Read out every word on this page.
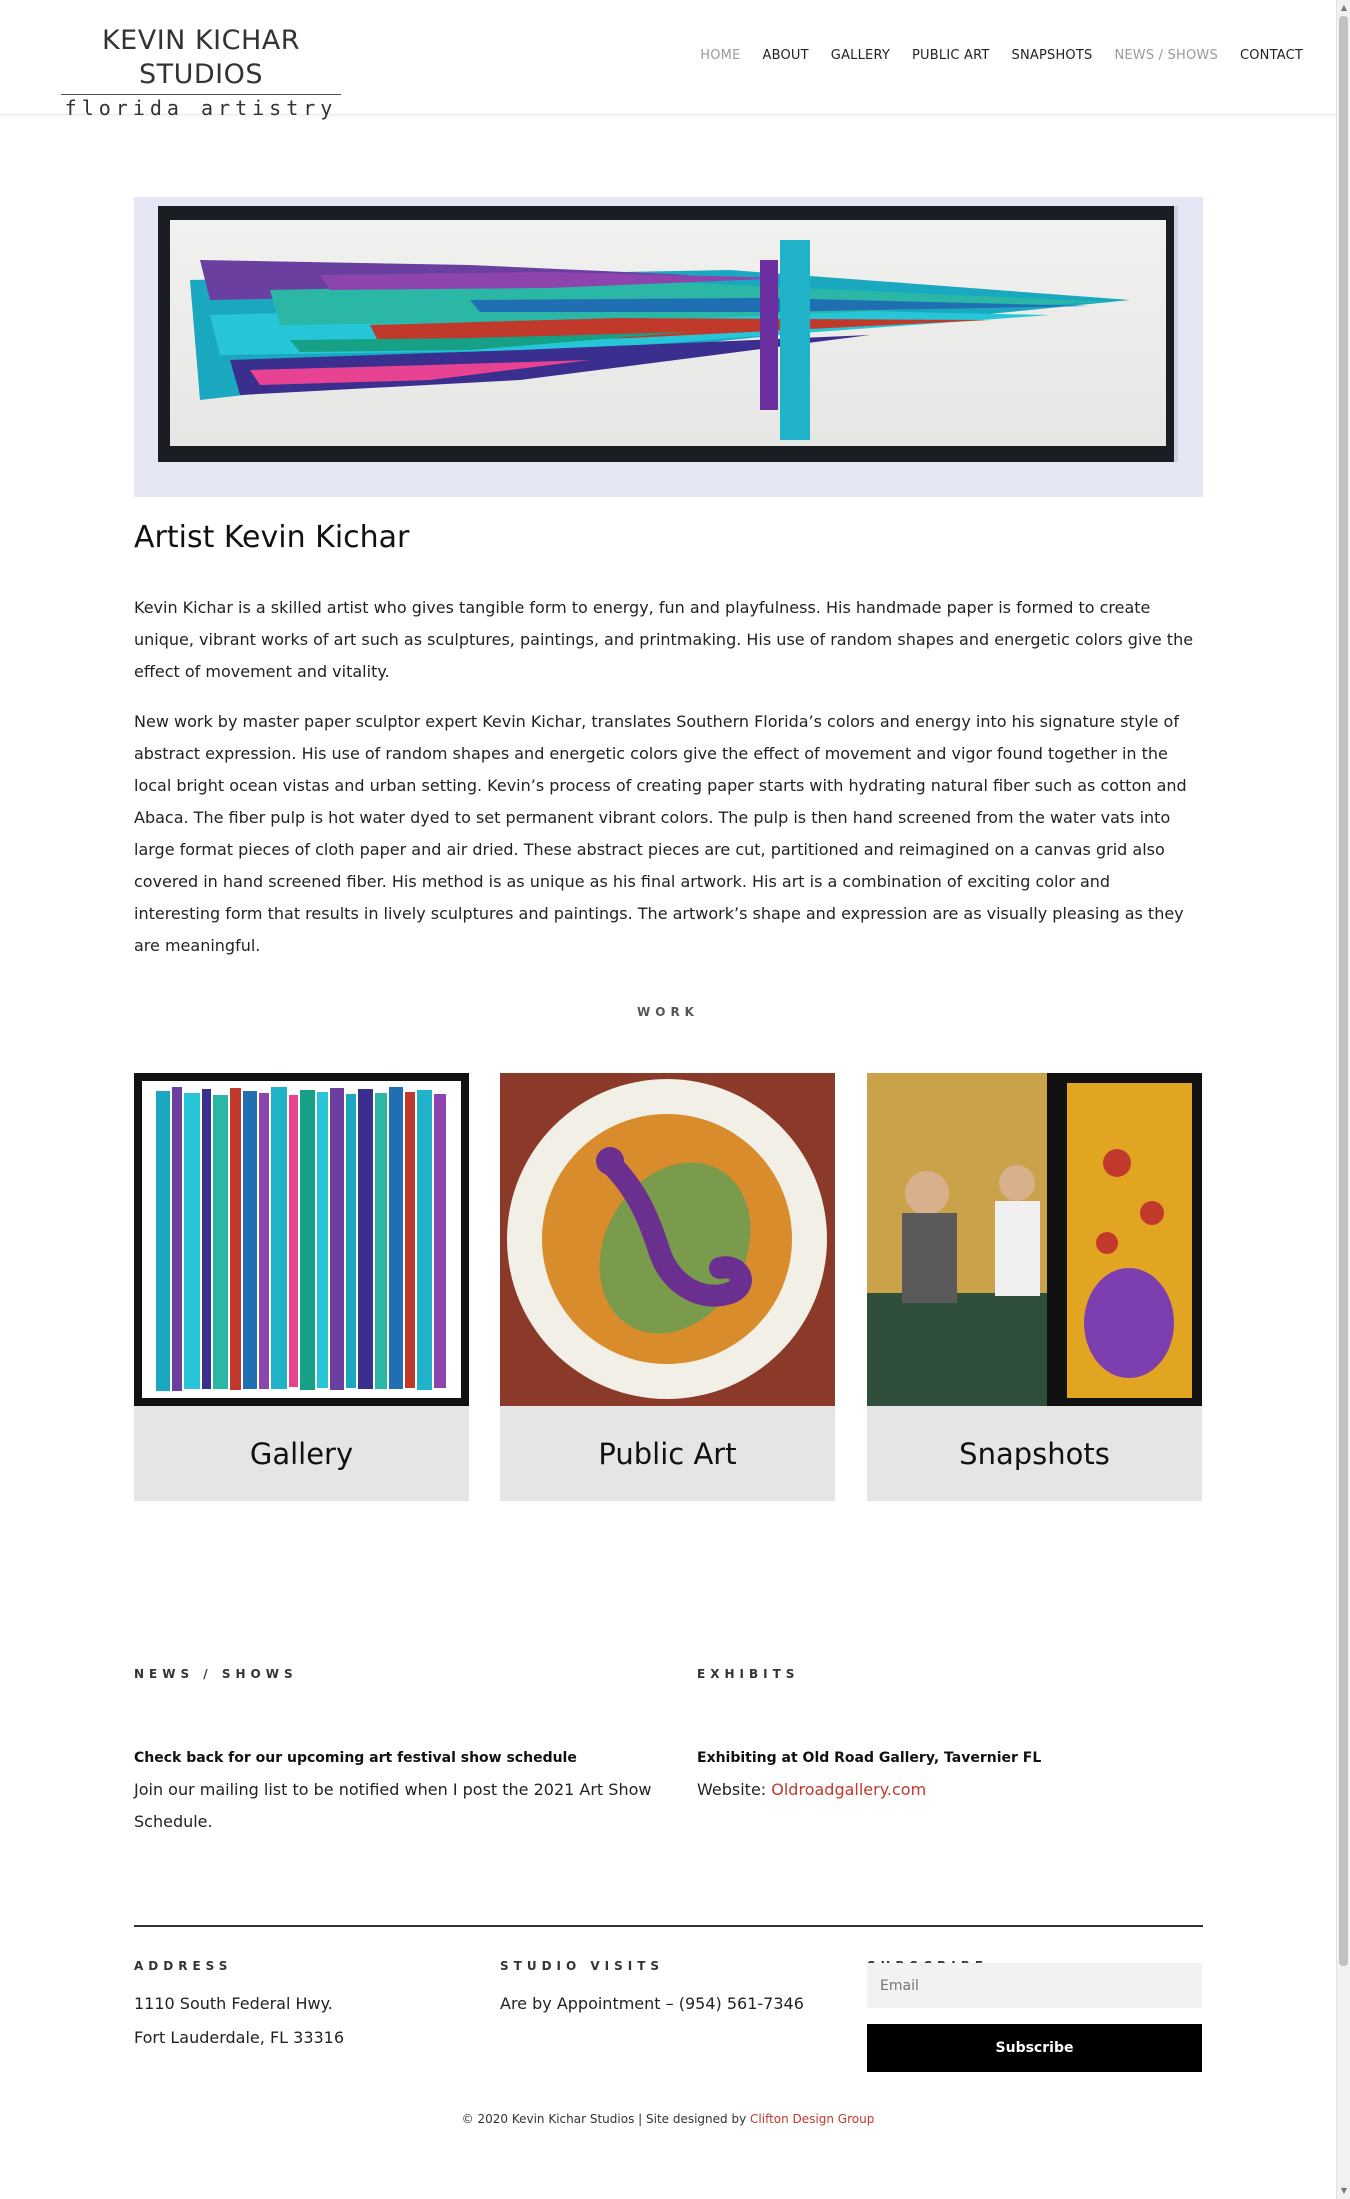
KEVIN KICHAR STUDIOS
florida artistry
HOME ABOUT GALLERY PUBLIC ART SNAPSHOTS NEWS / SHOWS CONTACT
▲
▼
Artist Kevin Kichar

Kevin Kichar is a skilled artist who gives tangible form to energy, fun and playfulness. His handmade paper is formed to create unique, vibrant works of art such as sculptures, paintings, and printmaking. His use of random shapes and energetic colors give the effect of movement and vitality.

New work by master paper sculptor expert Kevin Kichar, translates Southern Florida’s colors and energy into his signature style of abstract expression. His use of random shapes and energetic colors give the effect of movement and vigor found together in the local bright ocean vistas and urban setting. Kevin’s process of creating paper starts with hydrating natural fiber such as cotton and Abaca. The fiber pulp is hot water dyed to set permanent vibrant colors. The pulp is then hand screened from the water vats into large format pieces of cloth paper and air dried. These abstract pieces are cut, partitioned and reimagined on a canvas grid also covered in hand screened fiber. His method is as unique as his final artwork. His art is a combination of exciting color and interesting form that results in lively sculptures and paintings. The artwork’s shape and expression are as visually pleasing as they are meaningful.

WORK
Gallery	Public Art	Snapshots
NEWS / SHOWS	EXHIBITS
Check back for our upcoming art festival show schedule

Join our mailing list to be notified when I post the 2021 Art Show Schedule.

Exhibiting at Old Road Gallery, Tavernier FL

Website: Oldroadgallery.com

ADDRESS	STUDIO VISITS
1110 South Federal Hwy.
Fort Lauderdale, FL 33316
Are by Appointment – (954) 561-7346
Email
Subscribe
© 2020 Kevin Kichar Studios | Site designed by Clifton Design Group
